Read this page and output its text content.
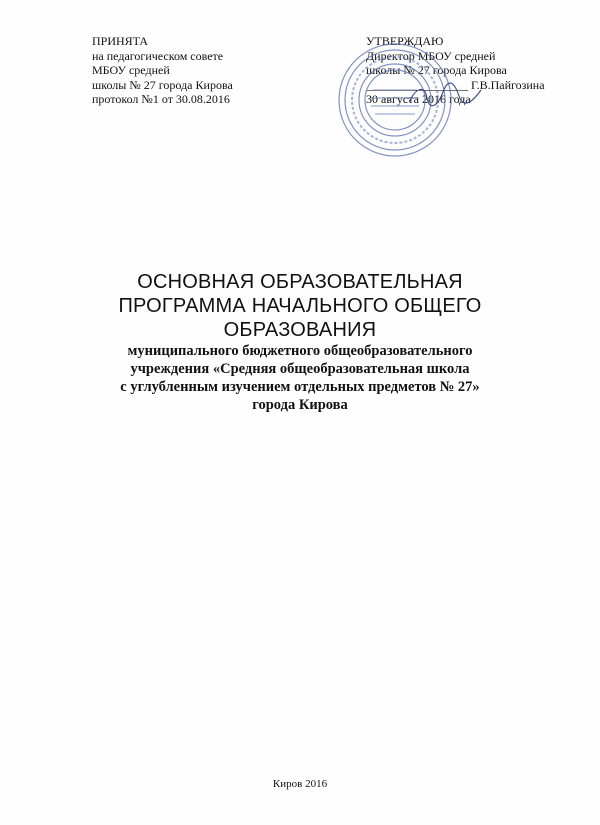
ПРИНЯТА
на педагогическом совете
МБОУ средней
школы № 27 города Кирова
протокол №1 от 30.08.2016
УТВЕРЖДАЮ
Директор МБОУ средней
школы № 27 города Кирова
_________________ Г.В.Пайгозина
30 августа 2016 года
ОСНОВНАЯ ОБРАЗОВАТЕЛЬНАЯ
ПРОГРАММА НАЧАЛЬНОГО ОБЩЕГО
ОБРАЗОВАНИЯ
муниципального бюджетного общеобразовательного
учреждения «Средняя общеобразовательная школа
с углубленным изучением отдельных предметов № 27»
города Кирова
Киров 2016
